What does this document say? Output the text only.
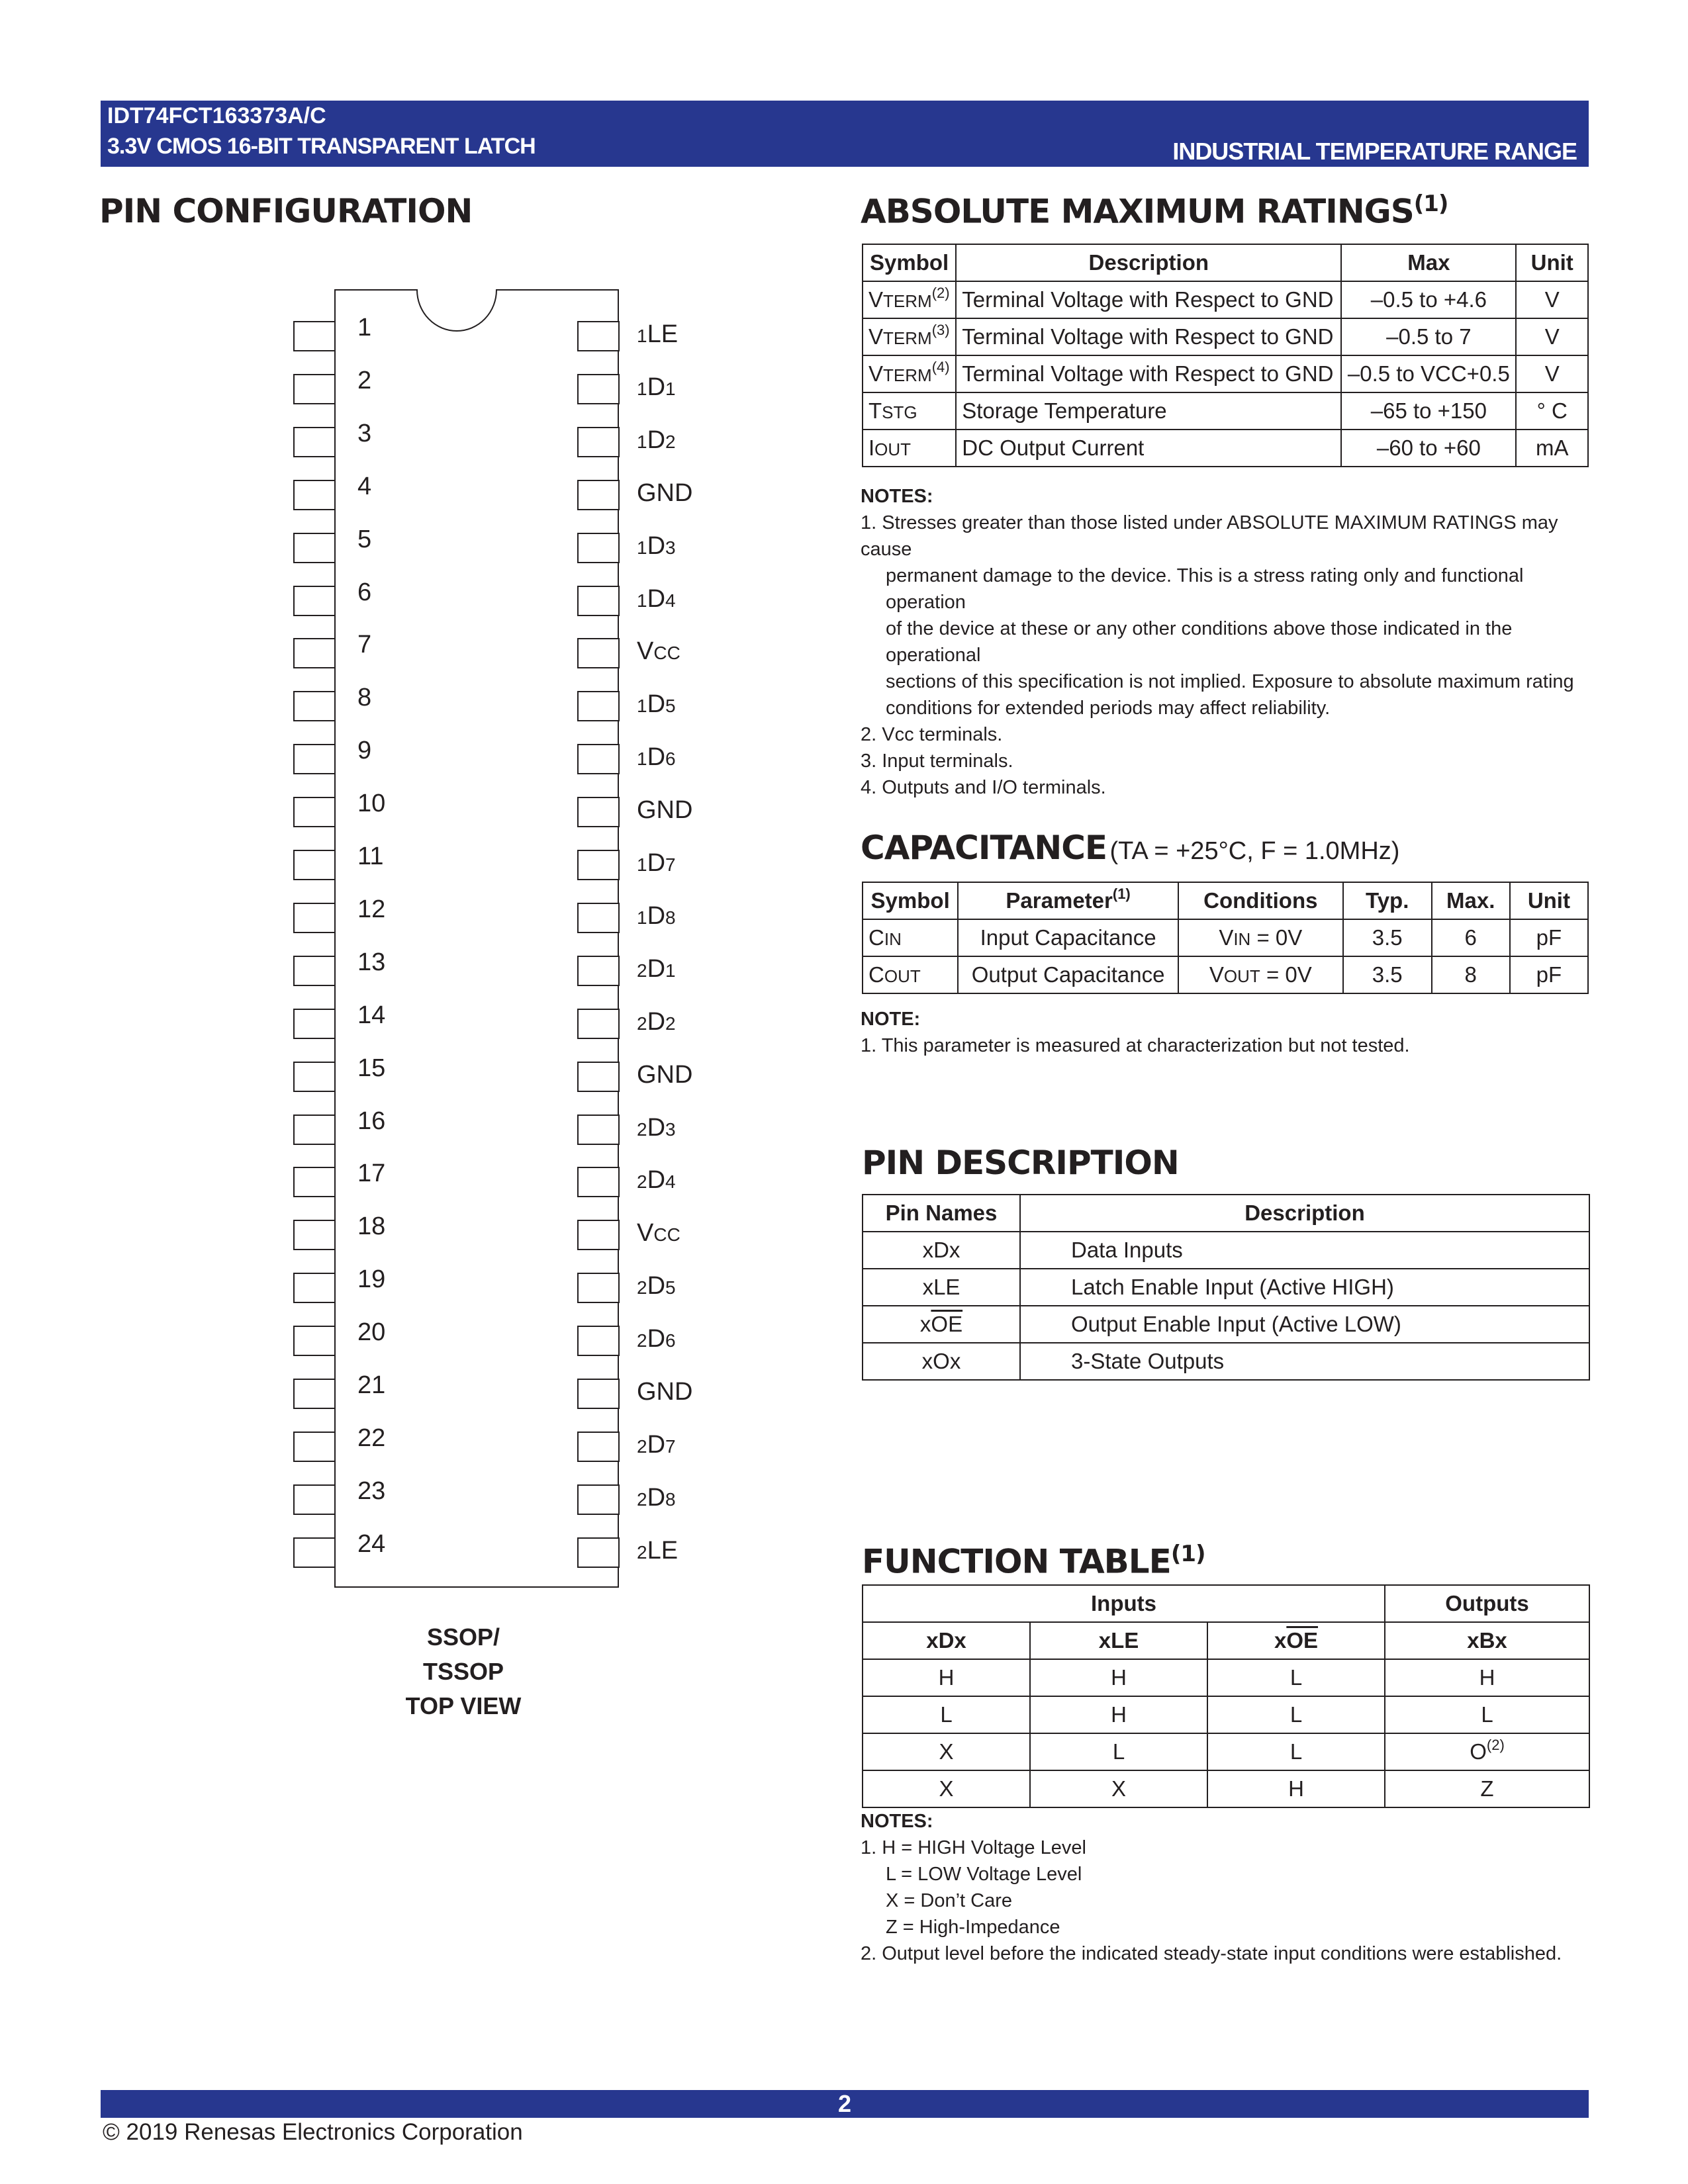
IDT74FCT163373A/C
3.3V CMOS 16-BIT TRANSPARENT LATCH	INDUSTRIAL TEMPERATURE RANGE
PIN CONFIGURATION
1
2
3
4
5
6
7
8
9
10
11
12
13
14
15
16
17
18
19
20
21
22
23
24
1LE
1D1
1D2
GND
1D3
1D4
VCC
1D5
1D6
GND
1D7
1D8
2D1
2D2
GND
2D3
2D4
VCC
2D5
2D6
GND
2D7
2D8
2LE
SSOP/ TSSOP
TOP VIEW
ABSOLUTE MAXIMUM RATINGS$^{(1)}$
Symbol	Description	Max	Unit
VTERM$^{(2)}$	Terminal Voltage with Respect to GND	–0.5 to +4.6	V
VTERM$^{(3)}$	Terminal Voltage with Respect to GND	–0.5 to 7	V
VTERM$^{(4)}$	Terminal Voltage with Respect to GND	–0.5 to VCC+0.5	V
TSTG	Storage Temperature	–65 to +150	° C
IOUT	DC Output Current	–60 to +60	mA
NOTES:
1. Stresses greater than those listed under ABSOLUTE MAXIMUM RATINGS may cause
permanent damage to the device. This is a stress rating only and functional operation
of the device at these or any other conditions above those indicated in the operational
sections of this specification is not implied. Exposure to absolute maximum rating
conditions for extended periods may affect reliability.
2. Vcc terminals.
3. Input terminals.
4. Outputs and I/O terminals.
CAPACITANCE (TA = +25°C, F = 1.0MHz)
Symbol	Parameter$^{(1)}$	Conditions	Typ.	Max.	Unit
CIN	Input Capacitance	VIN = 0V	3.5	6	pF
COUT	Output Capacitance	VOUT = 0V	3.5	8	pF
NOTE:
1. This parameter is measured at characterization but not tested.
PIN DESCRIPTION
Pin Names	Description
xDx	Data Inputs
xLE	Latch Enable Input (Active HIGH)
$x\overline{OE}$	Output Enable Input (Active LOW)
xOx	3-State Outputs
FUNCTION TABLE$^{(1)}$
Inputs			Outputs
xDx	xLE	$x\overline{OE}$	xBx
H	H	L	H
L	H	L	L
X	L	L	$O^{(2)}$
X	X	H	Z
NOTES:
1. H = HIGH Voltage Level
L = LOW Voltage Level
X = Don’t Care
Z = High-Impedance
2. Output level before the indicated steady-state input conditions were established.
2
© 2019 Renesas Electronics Corporation
